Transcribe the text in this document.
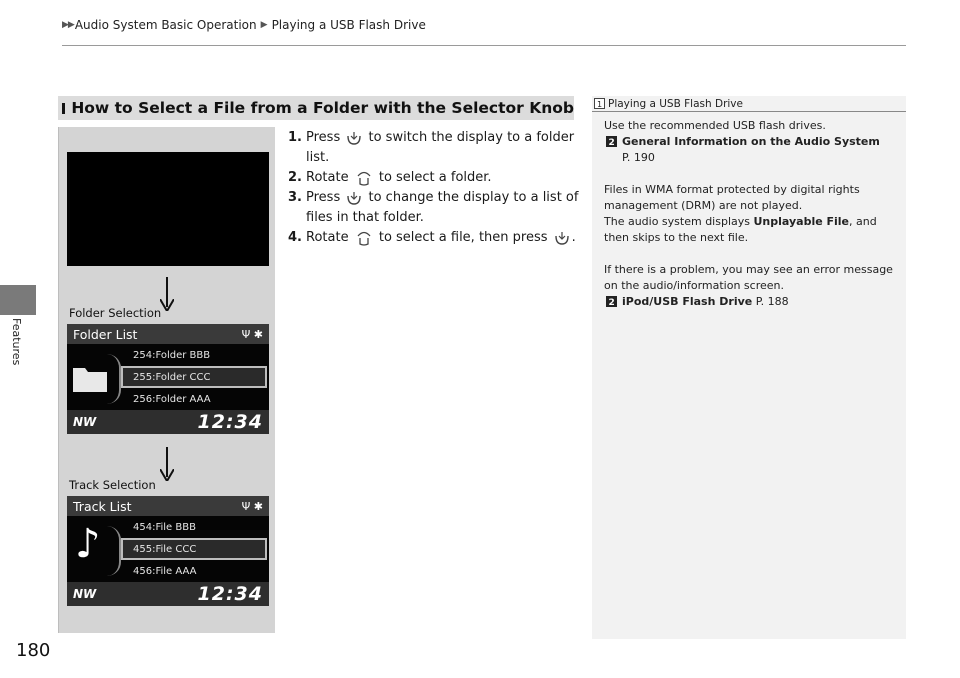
▶▶ Audio System Basic Operation ▶ Playing a USB Flash Drive
Features
180
How to Select a File from a Folder with the Selector Knob
Folder Selection
Folder List	Ψ ✱
254:Folder BBB
255:Folder CCC
256:Folder AAA
NW	12:34
Track Selection
Track List	Ψ ✱
♪	454:File BBB
455:File CCC
456:File AAA
NW	12:34
1. Press to switch the display to a folder list.
2. Rotate to select a folder.
3. Press to change the display to a list of files in that folder.
4. Rotate to select a file, then press .
1 Playing a USB Flash Drive

Use the recommended USB flash drives.

2 General Information on the Audio System
P. 190

Files in WMA format protected by digital rights management (DRM) are not played.

The audio system displays Unplayable File, and then skips to the next file.

If there is a problem, you may see an error message on the audio/information screen.

2 iPod/USB Flash Drive P. 188
